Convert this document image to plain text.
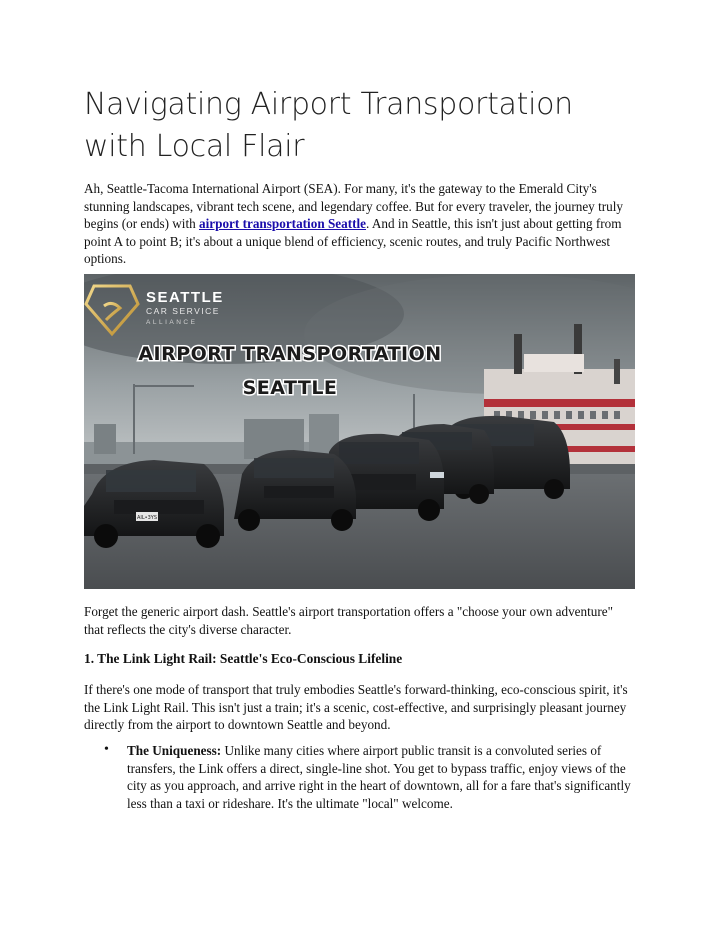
Navigating Airport Transportation with Local Flair
Ah, Seattle-Tacoma International Airport (SEA). For many, it's the gateway to the Emerald City's stunning landscapes, vibrant tech scene, and legendary coffee. But for every traveler, the journey truly begins (or ends) with airport transportation Seattle. And in Seattle, this isn't just about getting from point A to point B; it's about a unique blend of efficiency, scenic routes, and truly Pacific Northwest options.
AIL•3YS
SEATTLE
CAR SERVICE
ALLIANCE
AIRPORT TRANSPORTATION
SEATTLE
Forget the generic airport dash. Seattle's airport transportation offers a "choose your own adventure" that reflects the city's diverse character.
1. The Link Light Rail: Seattle's Eco-Conscious Lifeline
If there's one mode of transport that truly embodies Seattle's forward-thinking, eco-conscious spirit, it's the Link Light Rail. This isn't just a train; it's a scenic, cost-effective, and surprisingly pleasant journey directly from the airport to downtown Seattle and beyond.
• The Uniqueness: Unlike many cities where airport public transit is a convoluted series of transfers, the Link offers a direct, single-line shot. You get to bypass traffic, enjoy views of the city as you approach, and arrive right in the heart of downtown, all for a fare that's significantly less than a taxi or rideshare. It's the ultimate "local" welcome.
